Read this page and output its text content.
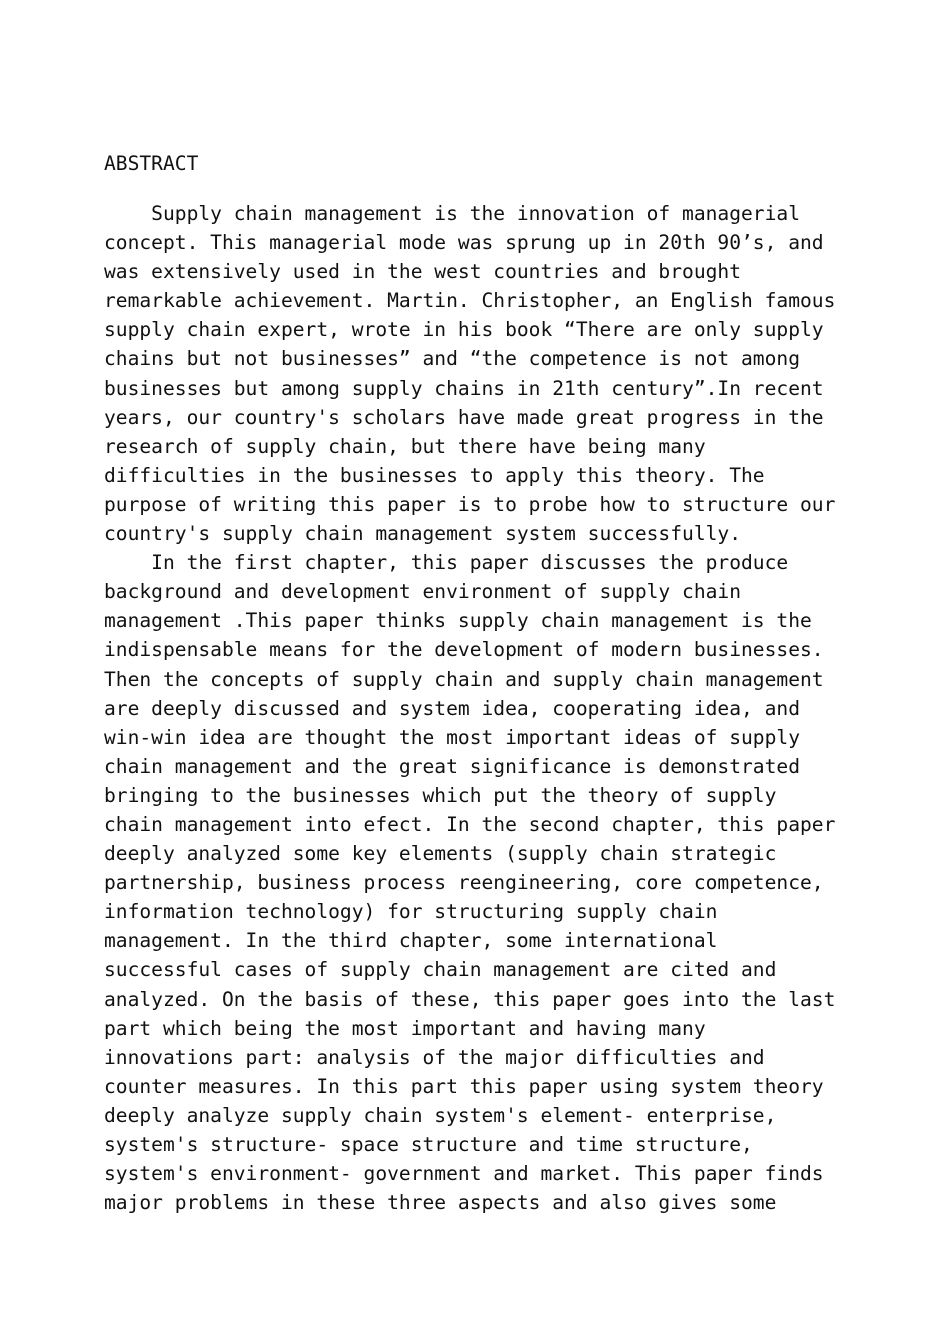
ABSTRACT
Supply chain management is the innovation of managerial
concept. This managerial mode was sprung up in 20th 90’s, and
was extensively used in the west countries and brought
remarkable achievement. Martin. Christopher, an English famous
supply chain expert, wrote in his book “There are only supply
chains but not businesses” and “the competence is not among
businesses but among supply chains in 21th century”.In recent
years, our country's scholars have made great progress in the
research of supply chain, but there have being many
difficulties in the businesses to apply this theory. The
purpose of writing this paper is to probe how to structure our
country's supply chain management system successfully.
In the first chapter, this paper discusses the produce
background and development environment of supply chain
management .This paper thinks supply chain management is the
indispensable means for the development of modern businesses.
Then the concepts of supply chain and supply chain management
are deeply discussed and system idea, cooperating idea, and
win-win idea are thought the most important ideas of supply
chain management and the great significance is demonstrated
bringing to the businesses which put the theory of supply
chain management into efect. In the second chapter, this paper
deeply analyzed some key elements (supply chain strategic
partnership, business process reengineering, core competence,
information technology) for structuring supply chain
management. In the third chapter, some international
successful cases of supply chain management are cited and
analyzed. On the basis of these, this paper goes into the last
part which being the most important and having many
innovations part: analysis of the major difficulties and
counter measures. In this part this paper using system theory
deeply analyze supply chain system's element- enterprise,
system's structure- space structure and time structure,
system's environment- government and market. This paper finds
major problems in these three aspects and also gives some
